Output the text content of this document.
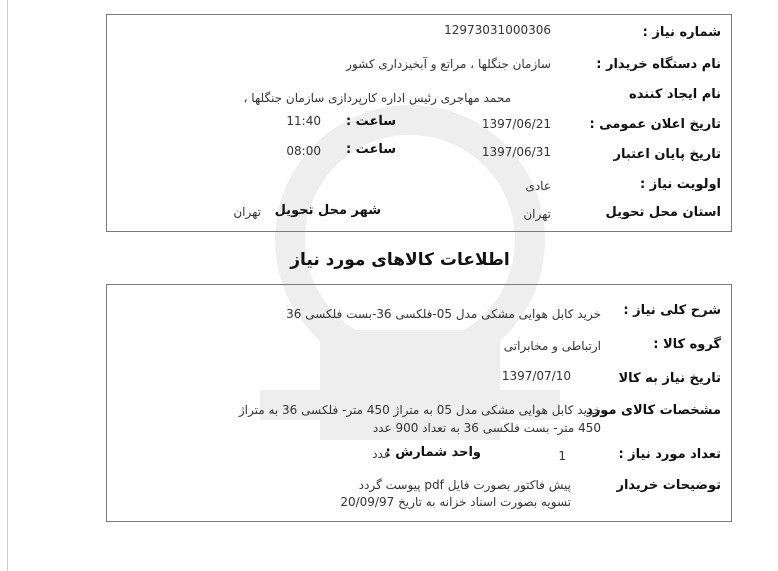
شماره نیاز :
12973031000306
نام دستگاه خریدار :
سازمان جنگلها ، مراتع و آبخیزداری کشور
نام ایجاد کننده
محمد مهاجری رئیس اداره کارپردازی سازمان جنگلها ،
تاریخ اعلان عمومی :
1397/06/21
ساعت :
11:40
تاریخ پایان اعتبار
1397/06/31
ساعت :
08:00
اولویت نیاز :
عادی
استان محل تحویل
تهران
شهر محل تحویل
تهران
اطلاعات کالاهای مورد نیاز
شرح کلی نیاز :
خرید کابل هوایی مشکی مدل 05-فلکسی 36-بست فلکسی 36
گروه کالا :
ارتباطی و مخابراتی
تاریخ نیاز به کالا
1397/07/10
مشخصات کالای مورد
خرید کابل هوایی مشکی مدل 05 به متراژ 450 متر- فلکسی 36 به متراژ
450 متر- بست فلکسی 36 به تعداد 900 عدد
تعداد مورد نیاز :
1
واحد شمارش :
عدد
توضیحات خریدار
پیش فاکتور بصورت فایل pdf پیوست گردد
تسویه بصورت اسناد خزانه به تاریخ 20/09/97
